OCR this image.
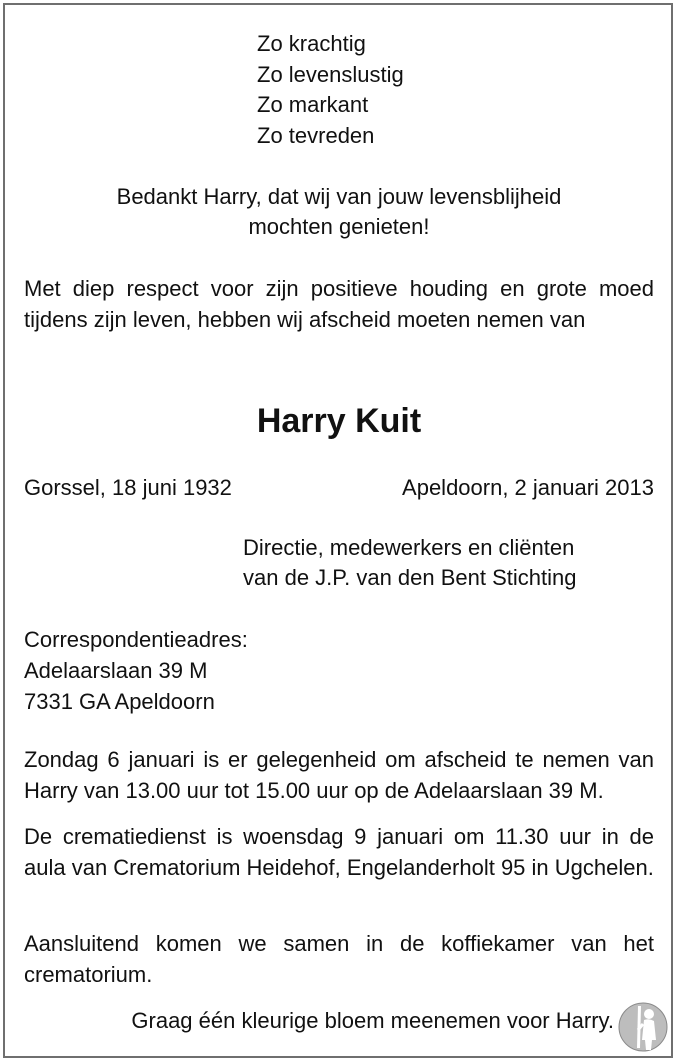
Zo krachtig
Zo levenslustig
Zo markant
Zo tevreden
Bedankt Harry, dat wij van jouw levensblijheid
mochten genieten!
Met diep respect voor zijn positieve houding en grote moed tijdens zijn leven, hebben wij afscheid moeten nemen van
Harry Kuit
Gorssel, 18 juni 1932	Apeldoorn, 2 januari 2013
Directie, medewerkers en cliënten
van de J.P. van den Bent Stichting
Correspondentieadres:
Adelaarslaan 39 M
7331 GA Apeldoorn
Zondag 6 januari is er gelegenheid om afscheid te nemen van Harry van 13.00 uur tot 15.00 uur op de Adelaarslaan 39 M.
De crematiedienst is woensdag 9 januari om 11.30 uur in de aula van Crematorium Heidehof, Engelanderholt 95 in Ugchelen.
Aansluitend komen we samen in de koffiekamer van het crematorium.
Graag één kleurige bloem meenemen voor Harry.
